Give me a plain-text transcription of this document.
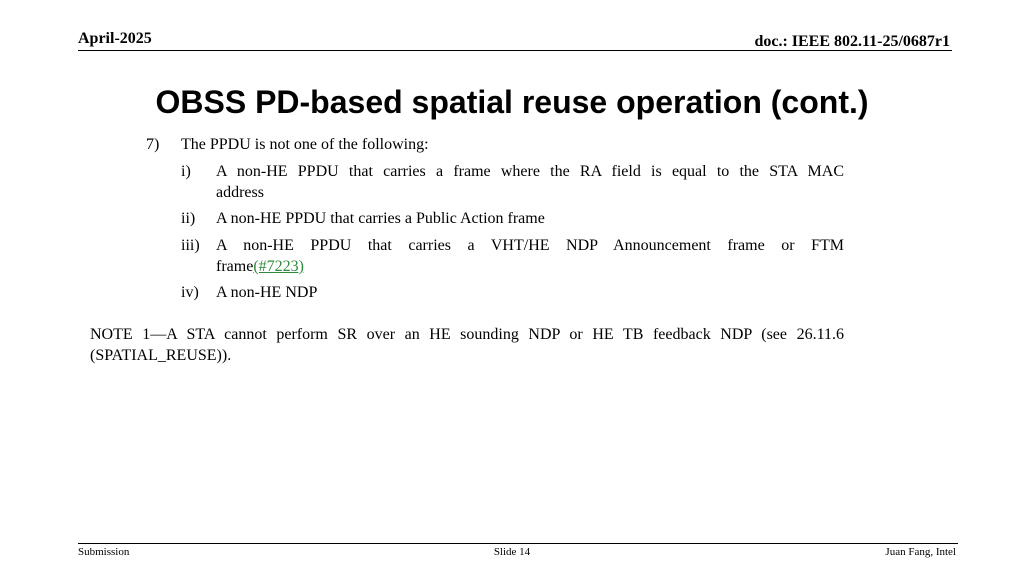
April-2025	doc.: IEEE 802.11-25/0687r1
OBSS PD-based spatial reuse operation (cont.)
7) The PPDU is not one of the following:
i) A non-HE PPDU that carries a frame where the RA field is equal to the STA MAC
address
ii) A non-HE PPDU that carries a Public Action frame
iii) A non-HE PPDU that carries a VHT/HE NDP Announcement frame or FTM
frame(#7223)
iv) A non-HE NDP
NOTE 1—A STA cannot perform SR over an HE sounding NDP or HE TB feedback NDP (see 26.11.6
(SPATIAL_REUSE)).
Submission	Slide 14	Juan Fang, Intel
